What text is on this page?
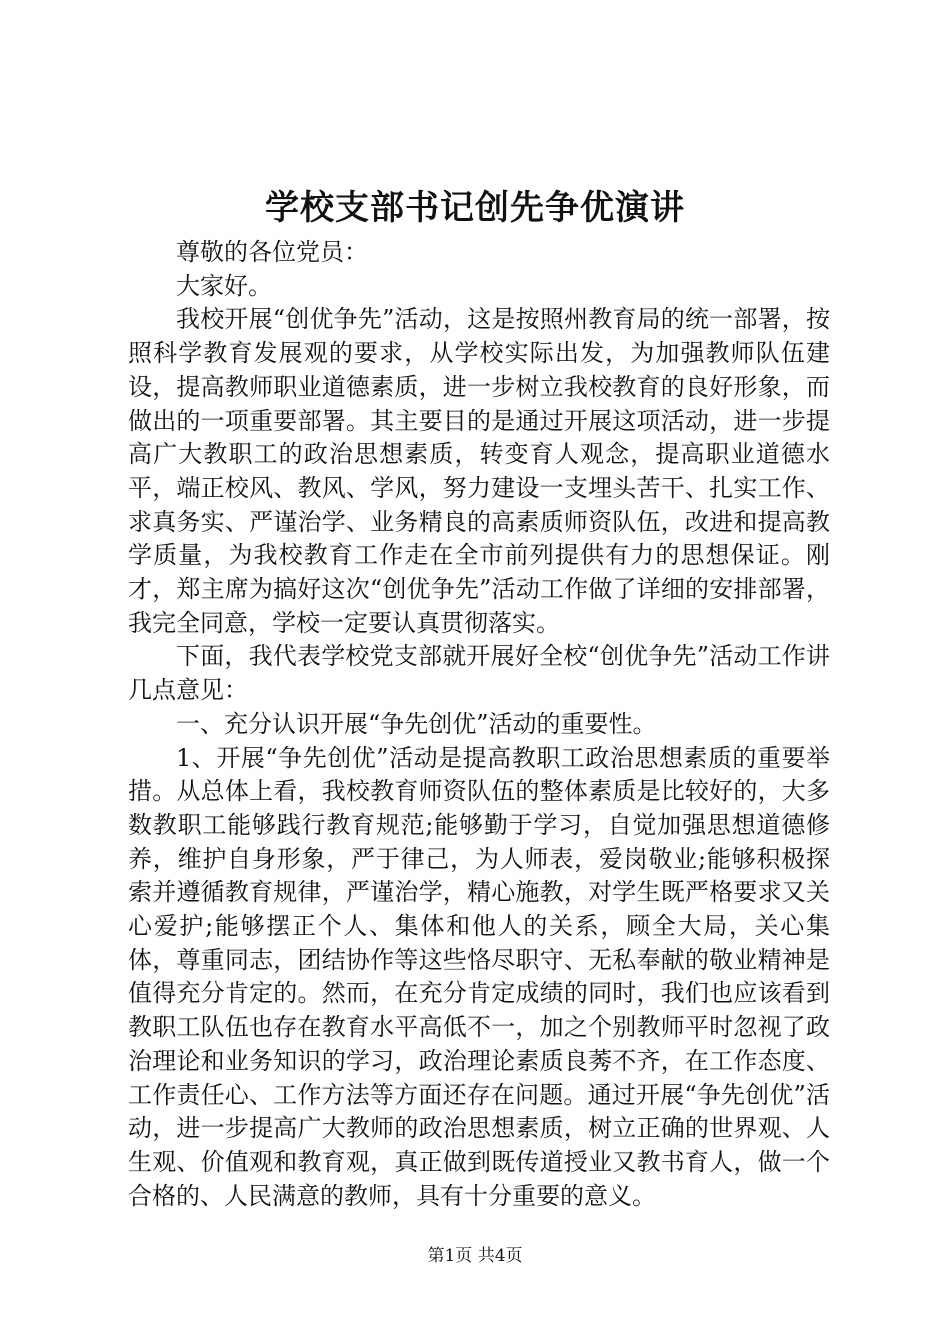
学校支部书记创先争优演讲

尊敬的各位党员：

大家好。

我校开展“创优争先”活动，这是按照州教育局的统一部署，按照科学教育发展观的要求，从学校实际出发，为加强教师队伍建设，提高教师职业道德素质，进一步树立我校教育的良好形象，而做出的一项重要部署。其主要目的是通过开展这项活动，进一步提高广大教职工的政治思想素质，转变育人观念，提高职业道德水平，端正校风、教风、学风，努力建设一支埋头苦干、扎实工作、求真务实、严谨治学、业务精良的高素质师资队伍，改进和提高教学质量，为我校教育工作走在全市前列提供有力的思想保证。刚才，郑主席为搞好这次“创优争先”活动工作做了详细的安排部署，我完全同意，学校一定要认真贯彻落实。

下面，我代表学校党支部就开展好全校“创优争先”活动工作讲几点意见：

一、充分认识开展“争先创优”活动的重要性。

1、开展“争先创优”活动是提高教职工政治思想素质的重要举措。从总体上看，我校教育师资队伍的整体素质是比较好的，大多数教职工能够践行教育规范;能够勤于学习，自觉加强思想道德修养，维护自身形象，严于律己，为人师表，爱岗敬业;能够积极探索并遵循教育规律，严谨治学，精心施教，对学生既严格要求又关心爱护;能够摆正个人、集体和他人的关系，顾全大局，关心集体，尊重同志，团结协作等这些恪尽职守、无私奉献的敬业精神是值得充分肯定的。然而，在充分肯定成绩的同时，我们也应该看到教职工队伍也存在教育水平高低不一，加之个别教师平时忽视了政治理论和业务知识的学习，政治理论素质良莠不齐，在工作态度、工作责任心、工作方法等方面还存在问题。通过开展“争先创优”活动，进一步提高广大教师的政治思想素质，树立正确的世界观、人生观、价值观和教育观，真正做到既传道授业又教书育人，做一个合格的、人民满意的教师，具有十分重要的意义。

第1页 共4页
